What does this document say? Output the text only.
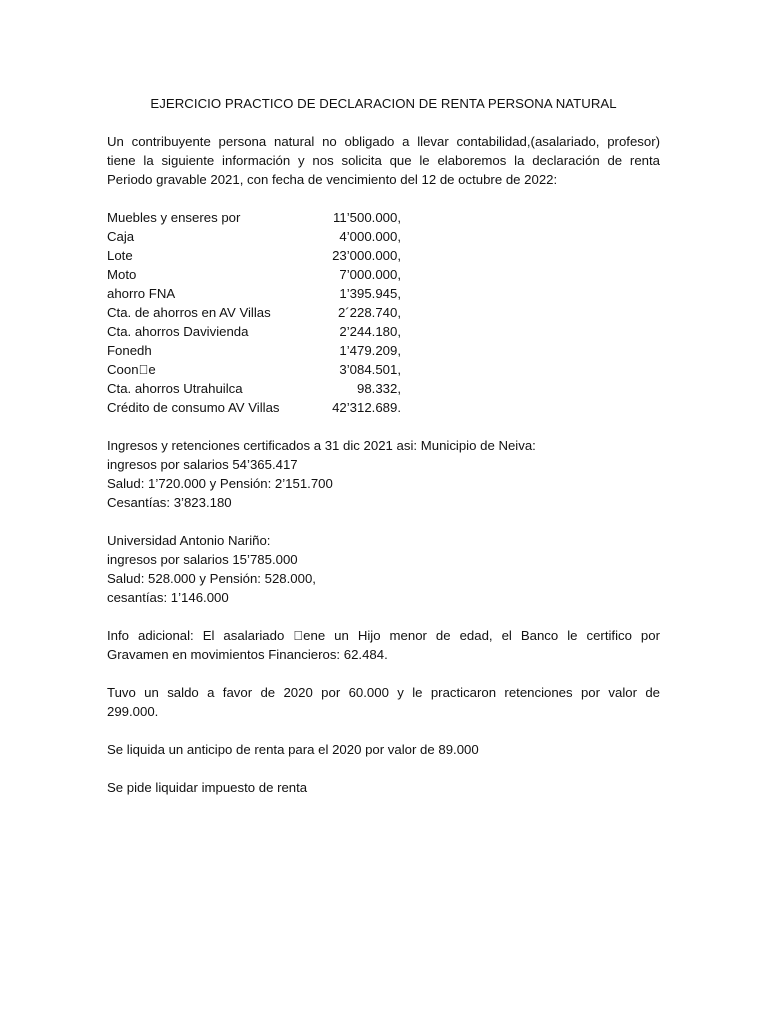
EJERCICIO PRACTICO DE DECLARACION DE RENTA PERSONA NATURAL
Un contribuyente persona natural no obligado a llevar contabilidad,(asalariado, profesor)
tiene la siguiente información y nos solicita que le elaboremos la declaración de renta
Periodo gravable 2021, con fecha de vencimiento del 12 de octubre de 2022:
Muebles y enseres por	11’500.000,
Caja	4’000.000,
Lote	23’000.000,
Moto	7’000.000,
ahorro FNA	1’395.945,
Cta. de ahorros en AV Villas	2´228.740,
Cta. ahorros Davivienda	2’244.180,
Fonedh	1’479.209,
Coon e	3’084.501,
Cta. ahorros Utrahuilca	98.332,
Crédito de consumo AV Villas	42’312.689.
Ingresos y retenciones certificados a 31 dic 2021 asi: Municipio de Neiva:
ingresos por salarios 54’365.417
Salud: 1’720.000 y Pensión: 2’151.700
Cesantías: 3’823.180
Universidad Antonio Nariño:
ingresos por salarios 15’785.000
Salud: 528.000 y Pensión: 528.000,
cesantías: 1’146.000
Info adicional: El asalariado  ene un Hijo menor de edad, el Banco le certifico por
Gravamen en movimientos Financieros: 62.484.
Tuvo un saldo a favor de 2020 por 60.000 y le practicaron retenciones por valor de
299.000.
Se liquida un anticipo de renta para el 2020 por valor de 89.000
Se pide liquidar impuesto de renta
